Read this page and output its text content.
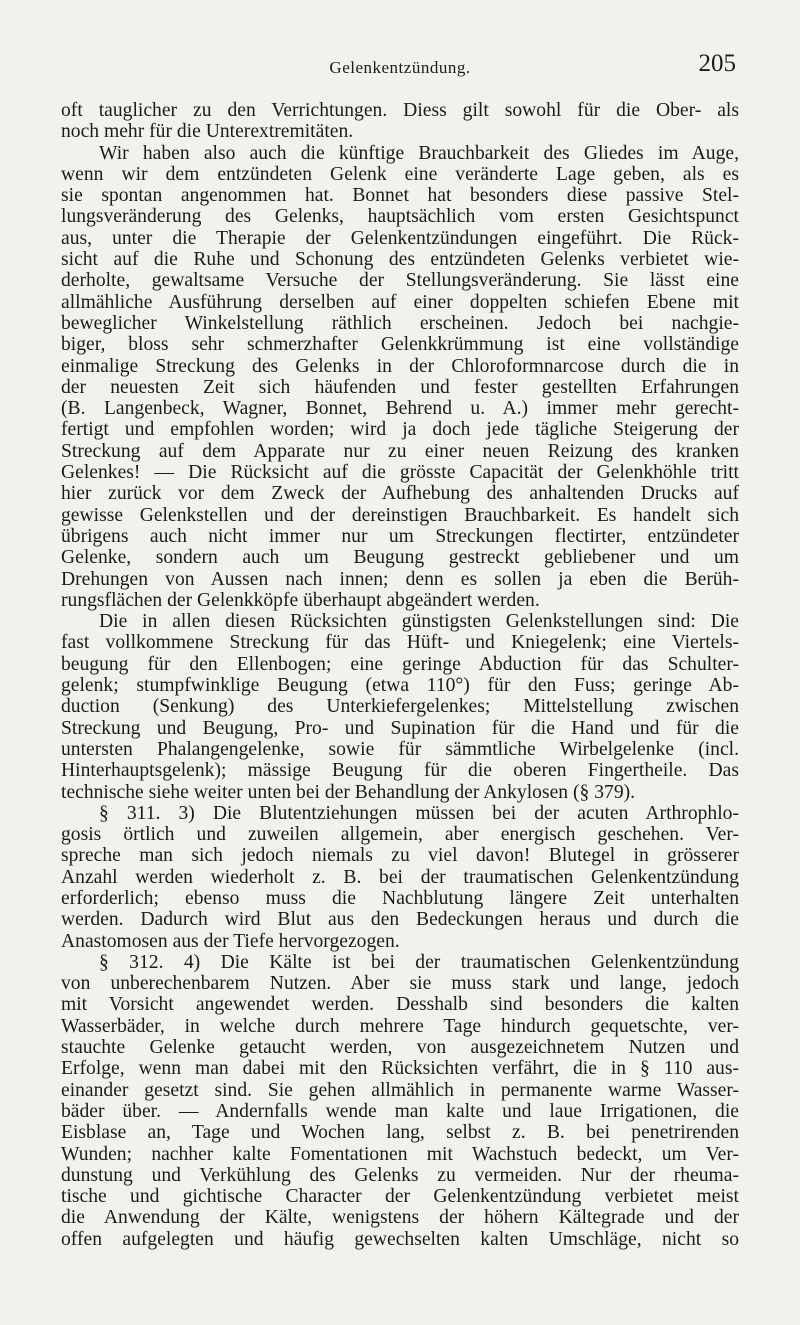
Gelenkentzündung.	205
oft tauglicher zu den Verrichtungen. Diess gilt sowohl für die Ober- als
noch mehr für die Unterextremitäten.
Wir haben also auch die künftige Brauchbarkeit des Gliedes im Auge,
wenn wir dem entzündeten Gelenk eine veränderte Lage geben, als es
sie spontan angenommen hat. Bonnet hat besonders diese passive Stel-
lungsveränderung des Gelenks, hauptsächlich vom ersten Gesichtspunct
aus, unter die Therapie der Gelenkentzündungen eingeführt. Die Rück-
sicht auf die Ruhe und Schonung des entzündeten Gelenks verbietet wie-
derholte, gewaltsame Versuche der Stellungsveränderung. Sie lässt eine
allmähliche Ausführung derselben auf einer doppelten schiefen Ebene mit
beweglicher Winkelstellung räthlich erscheinen. Jedoch bei nachgie-
biger, bloss sehr schmerzhafter Gelenkkrümmung ist eine vollständige
einmalige Streckung des Gelenks in der Chloroformnarcose durch die in
der neuesten Zeit sich häufenden und fester gestellten Erfahrungen
(B. Langenbeck, Wagner, Bonnet, Behrend u. A.) immer mehr gerecht-
fertigt und empfohlen worden; wird ja doch jede tägliche Steigerung der
Streckung auf dem Apparate nur zu einer neuen Reizung des kranken
Gelenkes! — Die Rücksicht auf die grösste Capacität der Gelenkhöhle tritt
hier zurück vor dem Zweck der Aufhebung des anhaltenden Drucks auf
gewisse Gelenkstellen und der dereinstigen Brauchbarkeit. Es handelt sich
übrigens auch nicht immer nur um Streckungen flectirter, entzündeter
Gelenke, sondern auch um Beugung gestreckt gebliebener und um
Drehungen von Aussen nach innen; denn es sollen ja eben die Berüh-
rungsflächen der Gelenkköpfe überhaupt abgeändert werden.
Die in allen diesen Rücksichten günstigsten Gelenkstellungen sind: Die
fast vollkommene Streckung für das Hüft- und Kniegelenk; eine Viertels-
beugung für den Ellenbogen; eine geringe Abduction für das Schulter-
gelenk; stumpfwinklige Beugung (etwa 110°) für den Fuss; geringe Ab-
duction (Senkung) des Unterkiefergelenkes; Mittelstellung zwischen
Streckung und Beugung, Pro- und Supination für die Hand und für die
untersten Phalangengelenke, sowie für sämmtliche Wirbelgelenke (incl.
Hinterhauptsgelenk); mässige Beugung für die oberen Fingertheile. Das
technische siehe weiter unten bei der Behandlung der Ankylosen (§ 379).
§ 311. 3) Die Blutentziehungen müssen bei der acuten Arthrophlo-
gosis örtlich und zuweilen allgemein, aber energisch geschehen. Ver-
spreche man sich jedoch niemals zu viel davon! Blutegel in grösserer
Anzahl werden wiederholt z. B. bei der traumatischen Gelenkentzündung
erforderlich; ebenso muss die Nachblutung längere Zeit unterhalten
werden. Dadurch wird Blut aus den Bedeckungen heraus und durch die
Anastomosen aus der Tiefe hervorgezogen.
§ 312. 4) Die Kälte ist bei der traumatischen Gelenkentzündung
von unberechenbarem Nutzen. Aber sie muss stark und lange, jedoch
mit Vorsicht angewendet werden. Desshalb sind besonders die kalten
Wasserbäder, in welche durch mehrere Tage hindurch gequetschte, ver-
stauchte Gelenke getaucht werden, von ausgezeichnetem Nutzen und
Erfolge, wenn man dabei mit den Rücksichten verfährt, die in § 110 aus-
einander gesetzt sind. Sie gehen allmählich in permanente warme Wasser-
bäder über. — Andernfalls wende man kalte und laue Irrigationen, die
Eisblase an, Tage und Wochen lang, selbst z. B. bei penetrirenden
Wunden; nachher kalte Fomentationen mit Wachstuch bedeckt, um Ver-
dunstung und Verkühlung des Gelenks zu vermeiden. Nur der rheuma-
tische und gichtische Character der Gelenkentzündung verbietet meist
die Anwendung der Kälte, wenigstens der höhern Kältegrade und der
offen aufgelegten und häufig gewechselten kalten Umschläge, nicht so
